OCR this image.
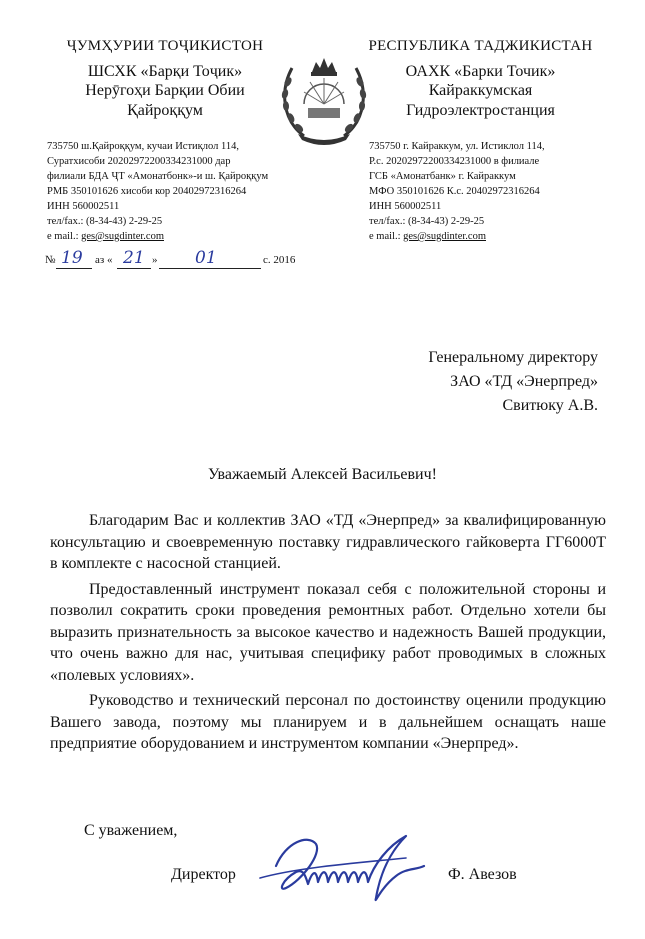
ҶУМҲУРИИ ТОҶИКИСТОН
ШСХК «Барқи Тоҷик»
Нерӯгоҳи Барқии Обии
Қайроққум
РЕСПУБЛИКА ТАДЖИКИСТАН
ОАХК «Барки Точик»
Кайраккумская
Гидроэлектростанция
735750 ш.Қайроққум, кучаи Истиқлол 114,
Суратхисоби 20202972200334231000 дар
филиали БДА ҶТ «Амонатбонк»-и ш. Қайроққум
РМБ 350101626 хисоби кор 20402972316264
ИНН 560002511
тел/fax.: (8-34-43) 2-29-25
e mail.: ges@sugdinter.com
735750 г. Кайраккум, ул. Истиклол 114,
Р.с. 20202972200334231000 в филиале
ГСБ «Амонатбанк» г. Кайраккум
МФО 350101626 К.с. 20402972316264
ИНН 560002511
тел/fax.: (8-34-43) 2-29-25
e mail.: ges@sugdinter.com
№ 19 аз « 21 » 01	с. 2016
Генеральному директору
ЗАО «ТД «Энерпред»
Свитюку А.В.
Уважаемый Алексей Васильевич!

Благодарим Вас и коллектив ЗАО «ТД «Энерпред» за квалифицированную консультацию и своевременную поставку гидравлического гайковерта ГГ6000Т в комплекте с насосной станцией.

Предоставленный инструмент показал себя с положительной стороны и позволил сократить сроки проведения ремонтных работ. Отдельно хотели бы выразить признательность за высокое качество и надежность Вашей продукции, что очень важно для нас, учитывая специфику работ проводимых в сложных «полевых условиях».

Руководство и технический персонал по достоинству оценили продукцию Вашего завода, поэтому мы планируем и в дальнейшем оснащать наше предприятие оборудованием и инструментом компании «Энерпред».

С уважением,
Директор	Ф. Авезов
